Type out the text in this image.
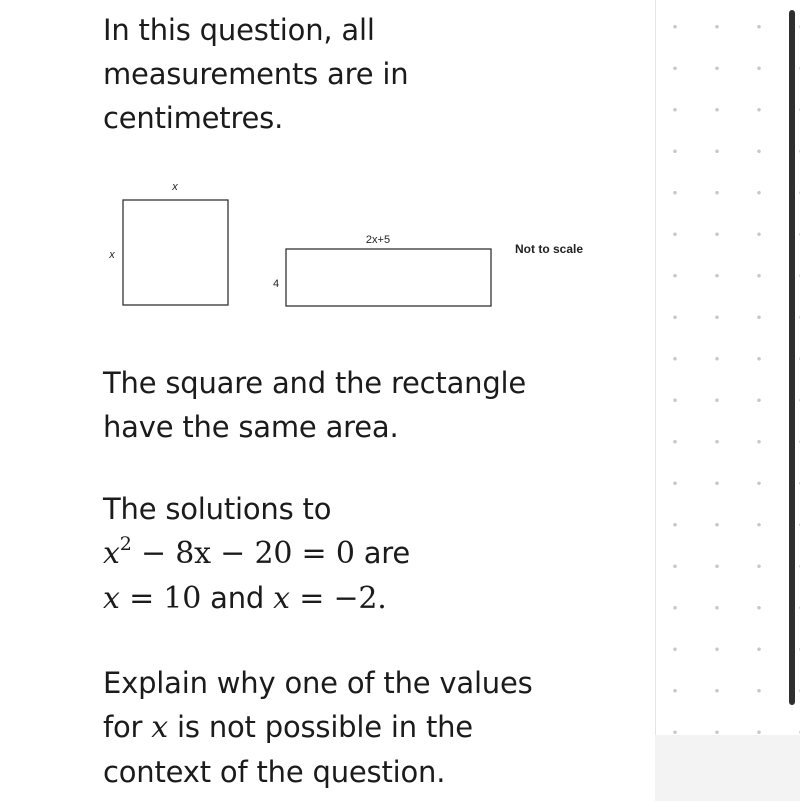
In this question, all
measurements are in
centimetres.

x
x
2x+5
4
Not to scale

The square and the rectangle
have the same area.

The solutions to
$x^2 - 8x - 20 = 0$ are
x = 10 and x = −2.

Explain why one of the values
for x is not possible in the
context of the question.
